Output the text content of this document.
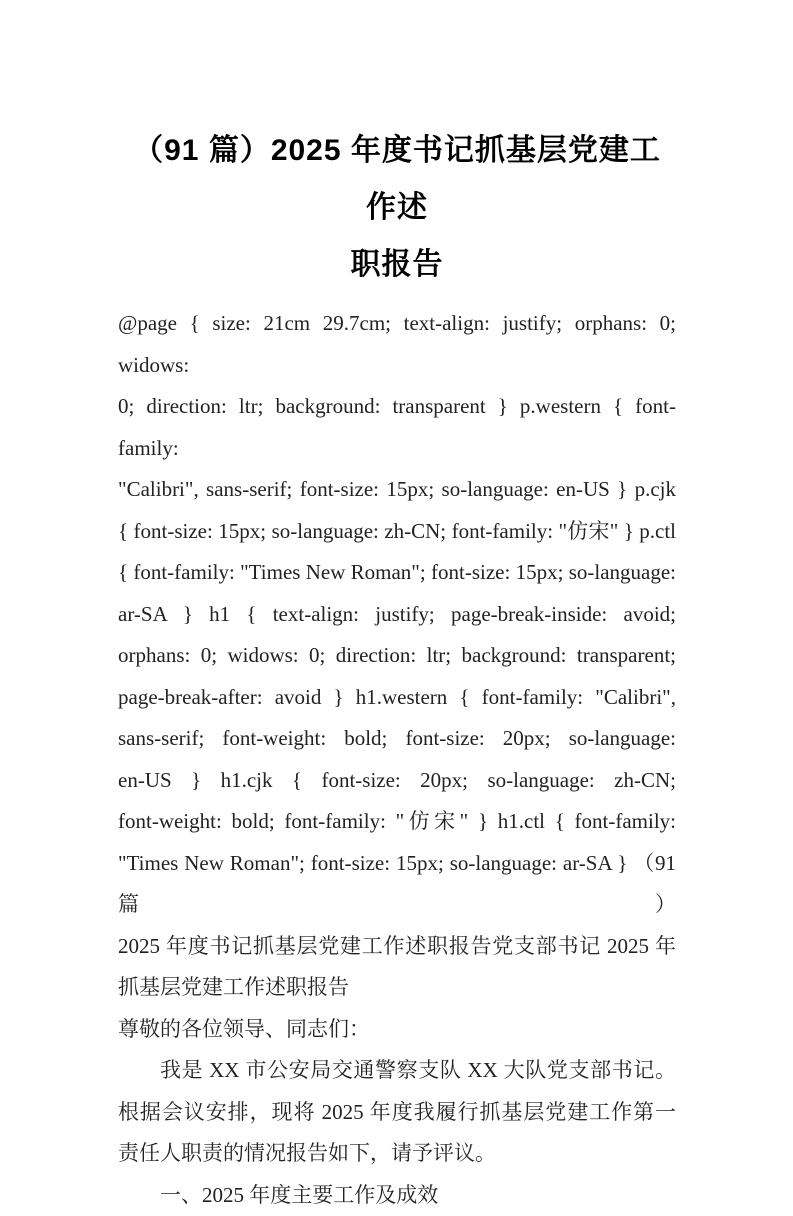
（91 篇）2025 年度书记抓基层党建工作述
职报告
@page { size: 21cm 29.7cm; text-align: justify; orphans: 0; widows:
0; direction: ltr; background: transparent } p.western { font-family:
"Calibri", sans-serif; font-size: 15px; so-language: en-US } p.cjk
{ font-size: 15px; so-language: zh-CN; font-family: "仿宋" } p.ctl
{ font-family: "Times New Roman"; font-size: 15px; so-language:
ar-SA } h1 { text-align: justify; page-break-inside: avoid;
orphans: 0; widows: 0; direction: ltr; background: transparent;
page-break-after: avoid } h1.western { font-family: "Calibri",
sans-serif; font-weight: bold; font-size: 20px; so-language:
en-US } h1.cjk { font-size: 20px; so-language: zh-CN;
font-weight: bold; font-family: "仿宋" } h1.ctl { font-family:
"Times New Roman"; font-size: 15px; so-language: ar-SA } （91 篇）
2025 年度书记抓基层党建工作述职报告党支部书记 2025 年
抓基层党建工作述职报告
尊敬的各位领导、同志们：
我是 XX 市公安局交通警察支队 XX 大队党支部书记。
根据会议安排，现将 2025 年度我履行抓基层党建工作第一
责任人职责的情况报告如下，请予评议。
一、2025 年度主要工作及成效
